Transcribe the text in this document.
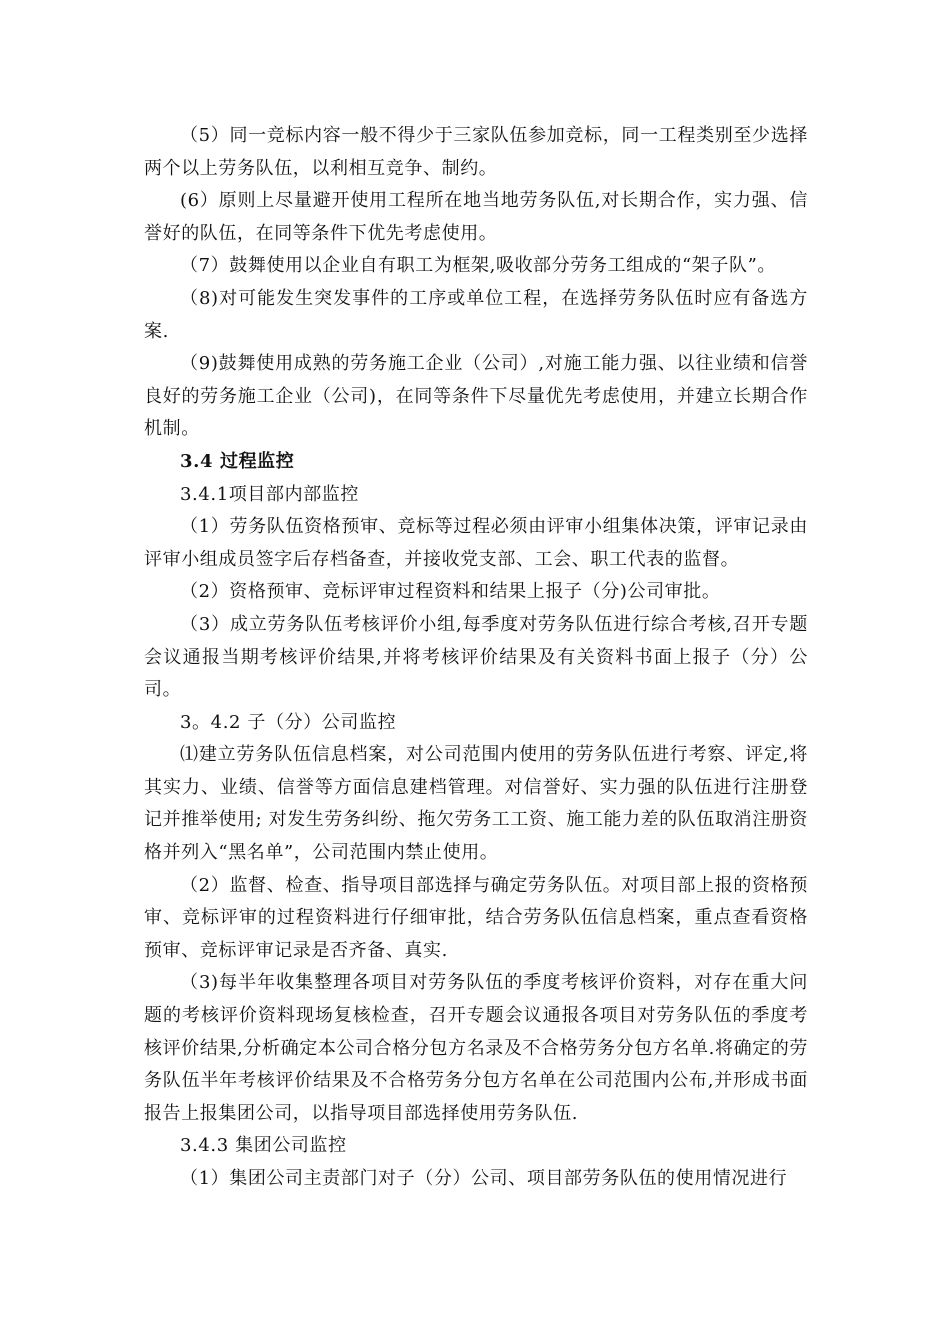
（5）同一竞标内容一般不得少于三家队伍参加竞标，同一工程类别至少选择两个以上劳务队伍，以利相互竞争、制约。

(6）原则上尽量避开使用工程所在地当地劳务队伍,对长期合作，实力强、信誉好的队伍，在同等条件下优先考虑使用。

（7）鼓舞使用以企业自有职工为框架,吸收部分劳务工组成的“架子队”。

（8)对可能发生突发事件的工序或单位工程，在选择劳务队伍时应有备选方案.

（9)鼓舞使用成熟的劳务施工企业（公司）,对施工能力强、以往业绩和信誉良好的劳务施工企业（公司)，在同等条件下尽量优先考虑使用，并建立长期合作机制。

3.4 过程监控

3.4.1项目部内部监控

（1）劳务队伍资格预审、竞标等过程必须由评审小组集体决策，评审记录由评审小组成员签字后存档备查，并接收党支部、工会、职工代表的监督。

（2）资格预审、竞标评审过程资料和结果上报子（分)公司审批。

（3）成立劳务队伍考核评价小组,每季度对劳务队伍进行综合考核,召开专题会议通报当期考核评价结果,并将考核评价结果及有关资料书面上报子（分）公司。

3。4.2 子（分）公司监控

⑴建立劳务队伍信息档案，对公司范围内使用的劳务队伍进行考察、评定,将其实力、业绩、信誉等方面信息建档管理。对信誉好、实力强的队伍进行注册登记并推举使用; 对发生劳务纠纷、拖欠劳务工工资、施工能力差的队伍取消注册资格并列入“黑名单”，公司范围内禁止使用。

（2）监督、检查、指导项目部选择与确定劳务队伍。对项目部上报的资格预审、竞标评审的过程资料进行仔细审批，结合劳务队伍信息档案，重点查看资格预审、竞标评审记录是否齐备、真实.

（3)每半年收集整理各项目对劳务队伍的季度考核评价资料，对存在重大问题的考核评价资料现场复核检查，召开专题会议通报各项目对劳务队伍的季度考核评价结果,分析确定本公司合格分包方名录及不合格劳务分包方名单.将确定的劳务队伍半年考核评价结果及不合格劳务分包方名单在公司范围内公布,并形成书面报告上报集团公司，以指导项目部选择使用劳务队伍.

3.4.3 集团公司监控

（1）集团公司主责部门对子（分）公司、项目部劳务队伍的使用情况进行
